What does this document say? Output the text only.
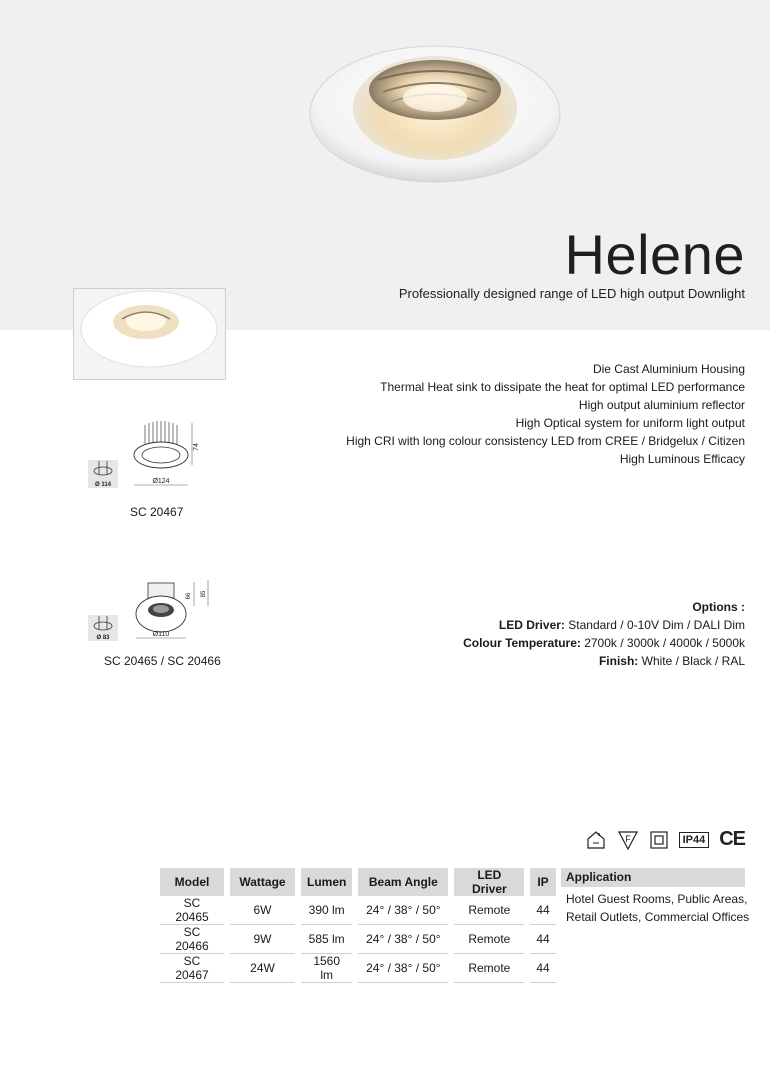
Helene
Professionally designed range of LED high output Downlight
Die Cast Aluminium Housing
Thermal Heat sink to dissipate the heat for optimal LED performance
High output aluminium reflector
High Optical system for uniform light output
High CRI with long colour consistency LED from CREE / Bridgelux / Citizen
High Luminous Efficacy
Ø 114	Ø124
74
SC 20467
Ø 83	Ø110
66 85
SC 20465 / SC 20466
Options :
LED Driver: Standard / 0-10V Dim / DALI Dim
Colour Temperature: 2700k / 3000k / 4000k / 5000k
Finish: White / Black / RAL
F	IP44 CE
Model	Wattage	Lumen	Beam Angle	LED Driver	IP
SC 20465	6W	390 lm	24° / 38° / 50°	Remote	44
SC 20466	9W	585 lm	24° / 38° / 50°	Remote	44
SC 20467	24W	1560 lm	24° / 38° / 50°	Remote	44
Application
Hotel Guest Rooms, Public Areas, Retail Outlets, Commercial Offices
